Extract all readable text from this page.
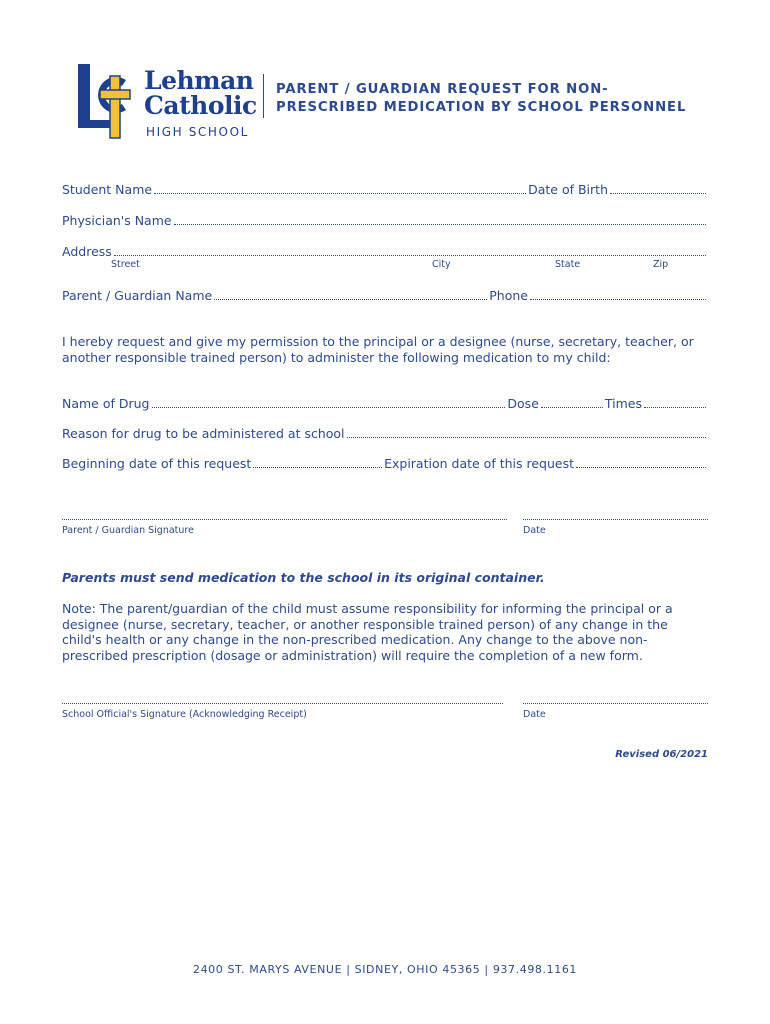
Lehman
Catholic
HIGH SCHOOL
PARENT / GUARDIAN REQUEST FOR NON-
PRESCRIBED MEDICATION BY SCHOOL PERSONNEL
Student Name	Date of Birth
Physician's Name
Address
Street	City	State	Zip
Parent / Guardian Name	Phone
I hereby request and give my permission to the principal or a designee (nurse, secretary, teacher, or another responsible trained person) to administer the following medication to my child:
Name of Drug	Dose	Times
Reason for drug to be administered at school
Beginning date of this request	Expiration date of this request
Parent / Guardian Signature	Date
Parents must send medication to the school in its original container.
Note: The parent/guardian of the child must assume responsibility for informing the principal or a designee (nurse, secretary, teacher, or another responsible trained person) of any change in the child's health or any change in the non-prescribed medication. Any change to the above non-prescribed prescription (dosage or administration) will require the completion of a new form.
School Official's Signature (Acknowledging Receipt)	Date
Revised 06/2021
2400 ST. MARYS AVENUE | SIDNEY, OHIO 45365 | 937.498.1161
